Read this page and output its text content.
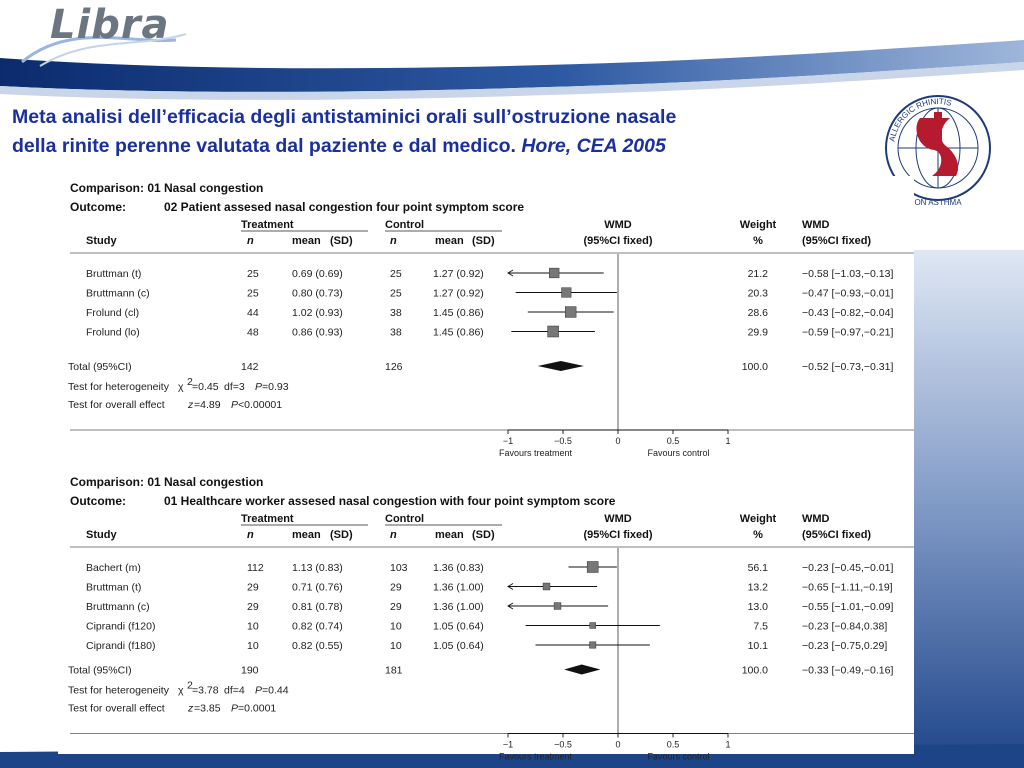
Libra
ALLERGIC RHINITIS
ON ASTHMA
Meta analisi dell’efficacia degli antistaminici orali sull’ostruzione nasale
della rinite perenne valutata dal paziente e dal medico. Hore, CEA 2005
Comparison: 01 Nasal congestion
Outcome:	02 Patient assesed nasal congestion four point symptom score
Treatment	Control	WMD
(95%CI fixed)
Weight
%
WMD
(95%CI fixed)
Study	n	mean (SD)	n	mean (SD)
Bruttman (t)	25	0.69 (0.69)	25	1.27 (0.92)	21.2	−0.58 [−1.03,−0.13]
Bruttmann (c)	25	0.80 (0.73)	25	1.27 (0.92)	20.3	−0.47 [−0.93,−0.01]
Frolund (cl)	44	1.02 (0.93)	38	1.45 (0.86)	28.6	−0.43 [−0.82,−0.04]
Frolund (lo)	48	0.86 (0.93)	38	1.45 (0.86)	29.9	−0.59 [−0.97,−0.21]
Total (95%CI)	142	126	100.0	−0.52 [−0.73,−0.31]
Test for heterogeneity χ 2 =0.45 df=3 P =0.93
Test for overall effect z =4.89 P <0.00001
−1	−0.5	0	0.5	1
Favours treatment	Favours control
Comparison: 01 Nasal congestion
Outcome:	01 Healthcare worker assesed nasal congestion with four point symptom score
Treatment	Control	WMD
(95%CI fixed)
Weight
%
WMD
(95%CI fixed)
Study	n	mean (SD)	n	mean (SD)
Bachert (m)	112	1.13 (0.83)	103 1.36 (0.83)	56.1	−0.23 [−0.45,−0.01]
Bruttman (t)	29	0.71 (0.76)	29	1.36 (1.00)	13.2	−0.65 [−1.11,−0.19]
Bruttmann (c)	29	0.81 (0.78)	29	1.36 (1.00)	13.0	−0.55 [−1.01,−0.09]
Ciprandi (f120)	10	0.82 (0.74)	10	1.05 (0.64)	7.5	−0.23 [−0.84,0.38]
Ciprandi (f180)	10	0.82 (0.55)	10	1.05 (0.64)	10.1	−0.23 [−0.75,0.29]
Total (95%CI)	190	181	100.0	−0.33 [−0.49,−0.16]
Test for heterogeneity χ 2 =3.78 df=4 P =0.44
Test for overall effect z =3.85 P =0.0001
−1	−0.5	0	0.5	1
Favours treatment	Favours control
